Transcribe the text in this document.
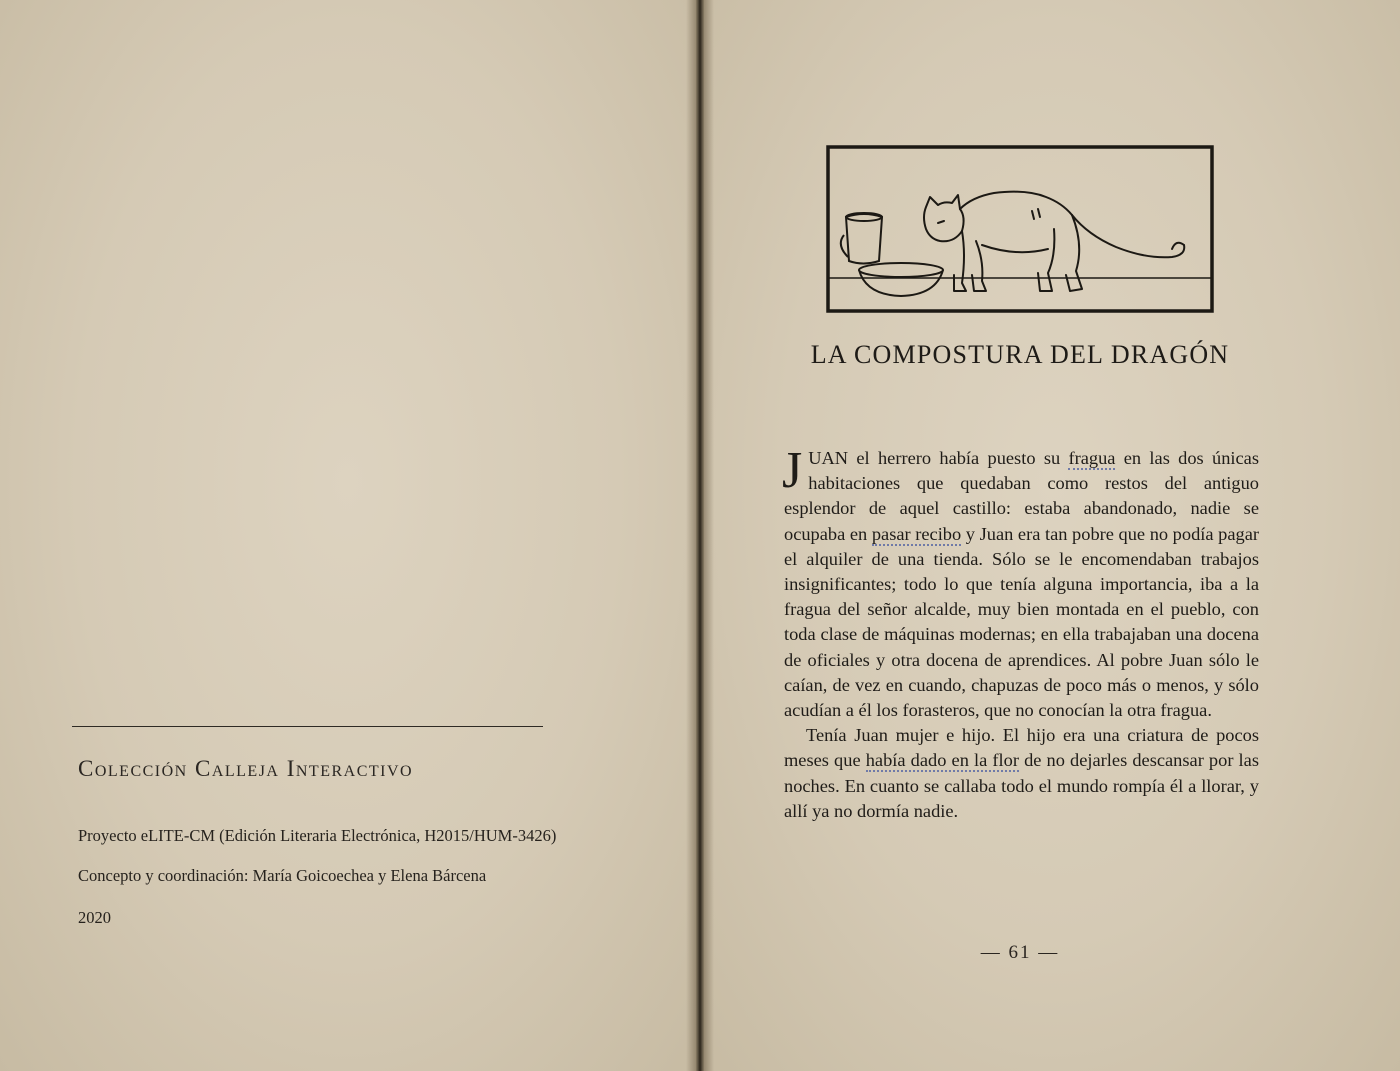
Colección Calleja Interactivo

Proyecto eLITE-CM (Edición Literaria Electrónica, H2015/HUM-3426)

Concepto y coordinación: María Goicoechea y Elena Bárcena

2020

LA COMPOSTURA DEL DRAGÓN

JUAN el herrero había puesto su fragua en las dos únicas habitaciones que quedaban como restos del antiguo esplendor de aquel castillo: estaba abandonado, nadie se ocupaba en pasar recibo y Juan era tan pobre que no podía pagar el alquiler de una tienda. Sólo se le encomendaban trabajos insignificantes; todo lo que tenía alguna importancia, iba a la fragua del señor alcalde, muy bien montada en el pueblo, con toda clase de máquinas modernas; en ella trabajaban una docena de oficiales y otra docena de aprendices. Al pobre Juan sólo le caían, de vez en cuando, chapuzas de poco más o menos, y sólo acudían a él los forasteros, que no conocían la otra fragua.

Tenía Juan mujer e hijo. El hijo era una criatura de pocos meses que había dado en la flor de no dejarles descansar por las noches. En cuanto se callaba todo el mundo rompía él a llorar, y allí ya no dormía nadie.

— 61 —
